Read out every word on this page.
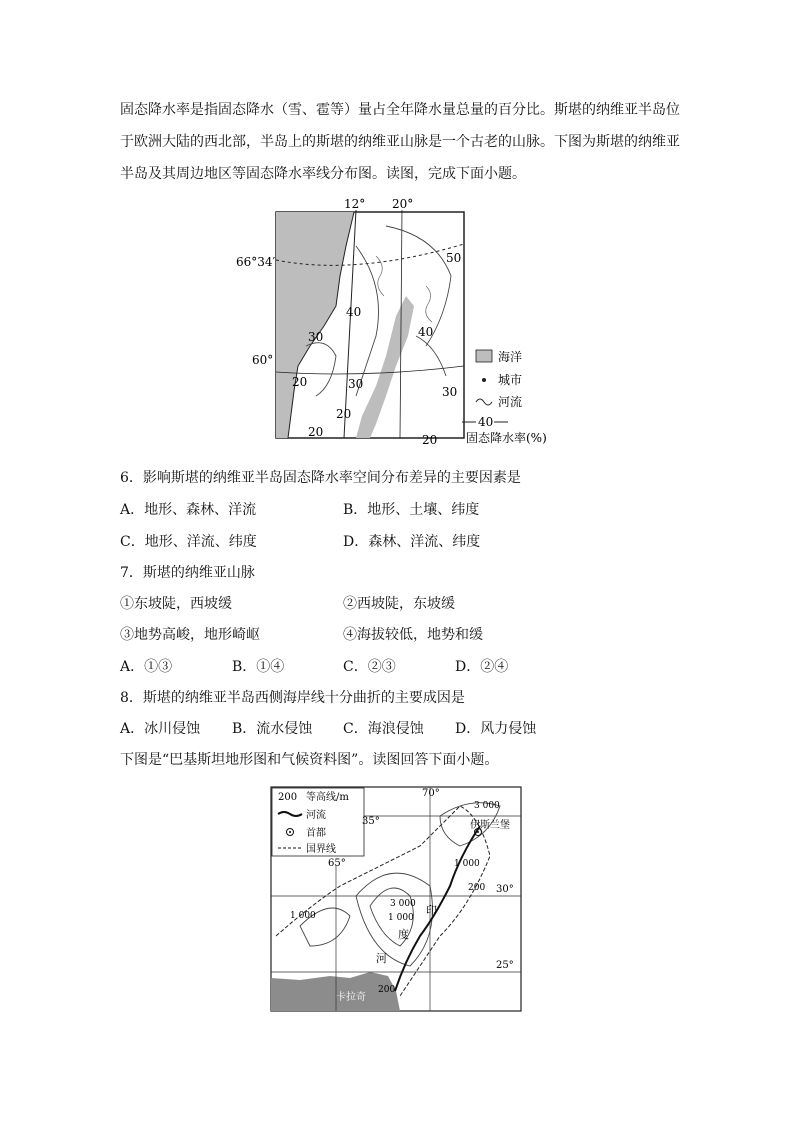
固态降水率是指固态降水（雪、雹等）量占全年降水量总量的百分比。斯堪的纳维亚半岛位于欧洲大陆的西北部，半岛上的斯堪的纳维亚山脉是一个古老的山脉。下图为斯堪的纳维亚半岛及其周边地区等固态降水率线分布图。读图，完成下面小题。

12° 20°
66°34′
60°
50
40
40
30
20	30
20
30
20
20
海洋
城市
河流
40
固态降水率(%)
6．影响斯堪的纳维亚半岛固态降水率空间分布差异的主要因素是
A．地形、森林、洋流	B．地形、土壤、纬度
C．地形、洋流、纬度	D．森林、洋流、纬度
7．斯堪的纳维亚山脉
①东坡陡，西坡缓	②西坡陡，东坡缓
③地势高峻，地形崎岖	④海拔较低，地势和缓
A．①③	B．①④	C．②③	D．②④
8．斯堪的纳维亚半岛西侧海岸线十分曲折的主要成因是
A．冰川侵蚀 B．流水侵蚀 C．海浪侵蚀 D．风力侵蚀
下图是“巴基斯坦地形图和气候资料图”。读图回答下面小题。
200 等高线/m
河流
首都
国界线
70°
65°
35°
30°
25°
伊斯兰堡
卡拉奇
印
度
河
3 000
1 000
200
3 000
1 000
1 000
200
